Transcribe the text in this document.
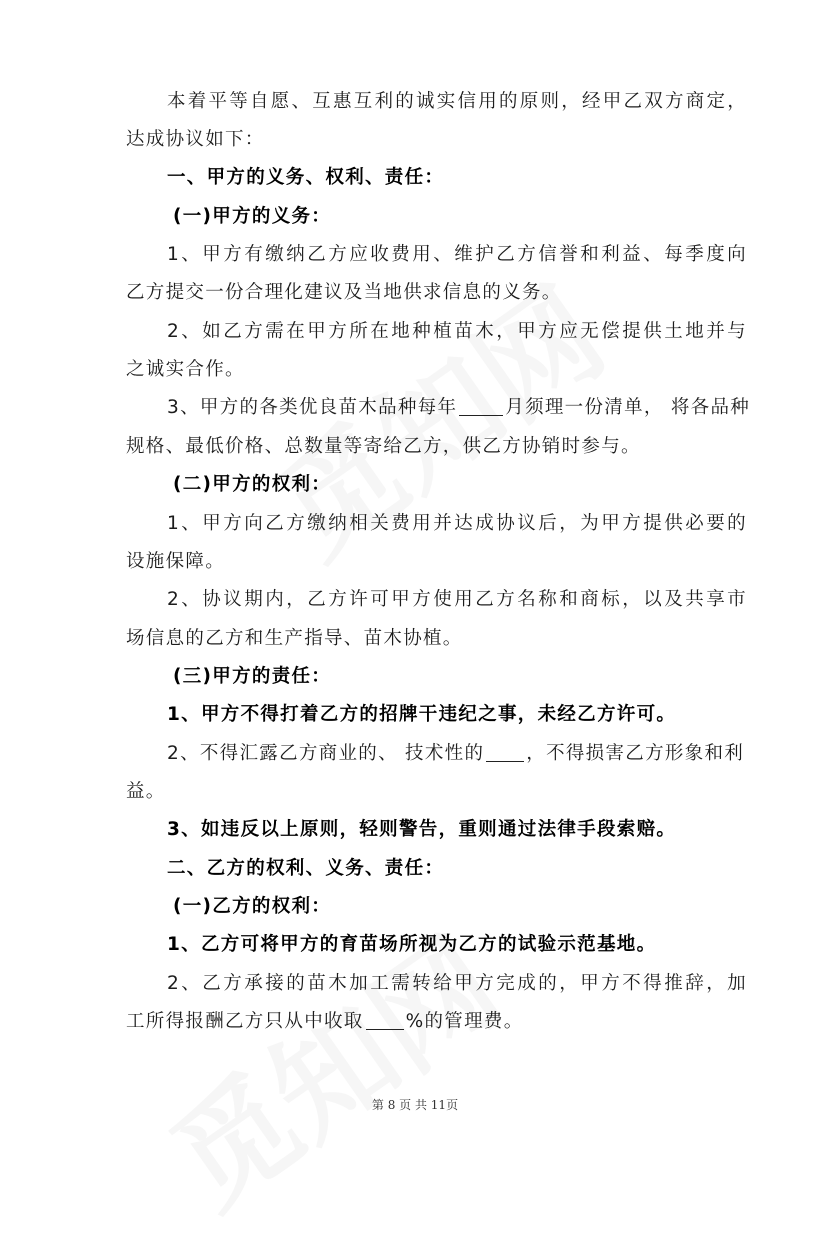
本着平等自愿、互惠互利的诚实信用的原则，经甲乙双方商定，
达成协议如下：
一、甲方的义务、权利、责任：
(一)甲方的义务：
1、甲方有缴纳乙方应收费用、维护乙方信誉和利益、每季度向
乙方提交一份合理化建议及当地供求信息的义务。
2、如乙方需在甲方所在地种植苗木，甲方应无偿提供土地并与
之诚实合作。
3、甲方的各类优良苗木品种每年	月须理一份清单， 将各品种
规格、最低价格、总数量等寄给乙方，供乙方协销时参与。
(二)甲方的权利：
1、甲方向乙方缴纳相关费用并达成协议后，为甲方提供必要的
设施保障。
2、协议期内，乙方许可甲方使用乙方名称和商标，以及共享市
场信息的乙方和生产指导、苗木协植。
(三)甲方的责任：
1、甲方不得打着乙方的招牌干违纪之事，未经乙方许可。
2、不得汇露乙方商业的、 技术性的 ，不得损害乙方形象和利
益。
3、如违反以上原则，轻则警告，重则通过法律手段索赔。
二、乙方的权利、义务、责任：
(一)乙方的权利：
1、乙方可将甲方的育苗场所视为乙方的试验示范基地。
2、乙方承接的苗木加工需转给甲方完成的，甲方不得推辞，加
工所得报酬乙方只从中收取 %的管理费。
第 8 页 共 11页
